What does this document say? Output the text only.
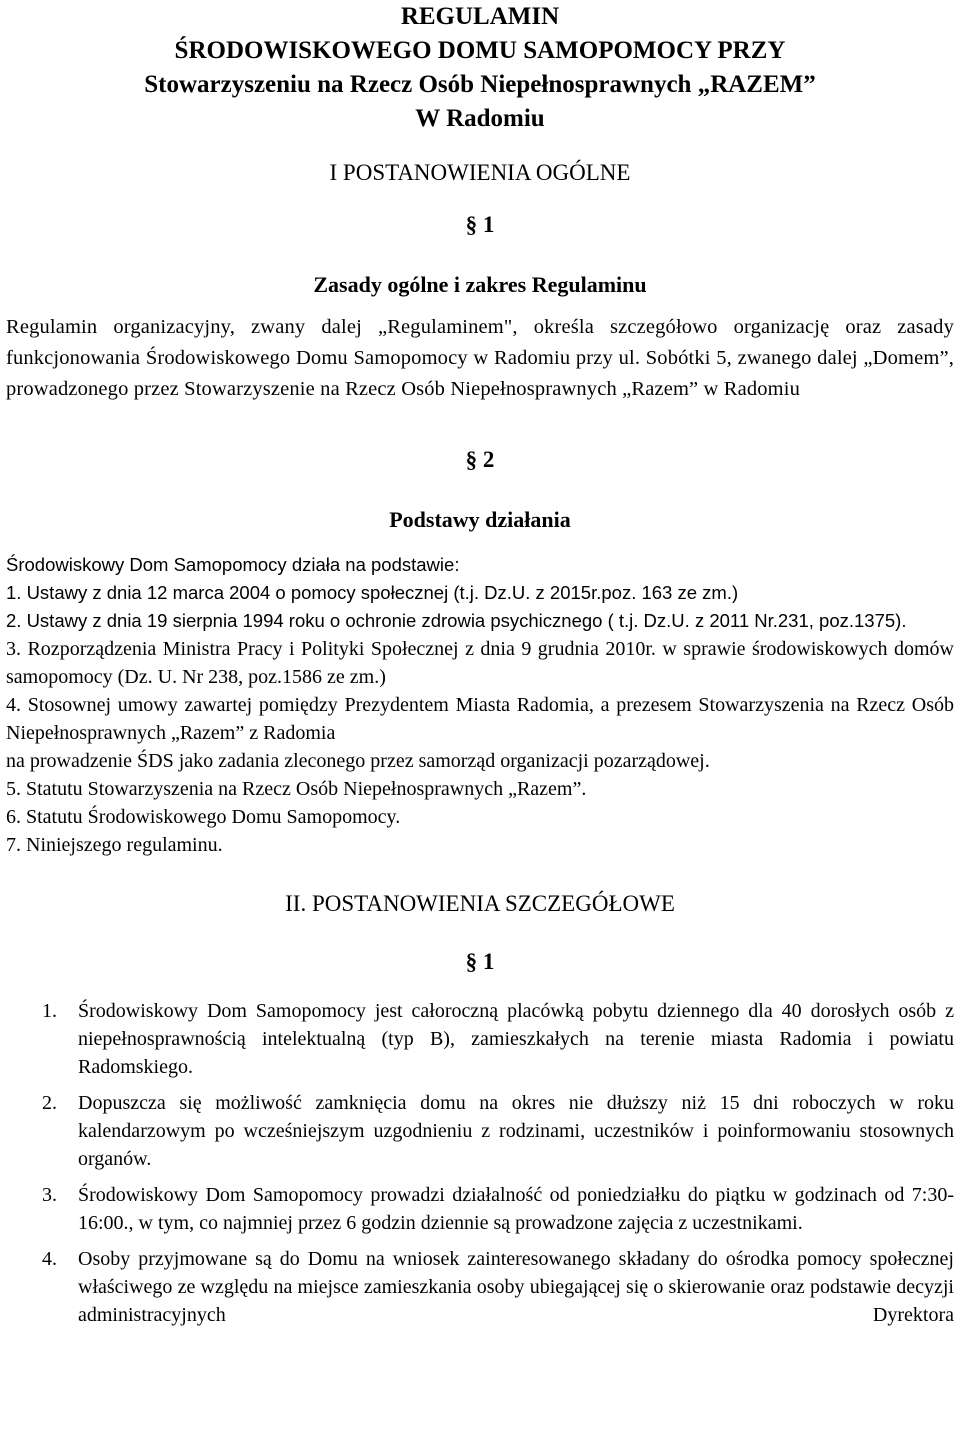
REGULAMIN
ŚRODOWISKOWEGO DOMU SAMOPOMOCY PRZY
Stowarzyszeniu na Rzecz Osób Niepełnosprawnych „RAZEM”
W Radomiu
I POSTANOWIENIA OGÓLNE
§ 1
Zasady ogólne i zakres Regulaminu

Regulamin organizacyjny, zwany dalej „Regulaminem", określa szczegółowo organizację oraz zasady funkcjonowania Środowiskowego Domu Samopomocy w Radomiu przy ul. Sobótki 5, zwanego dalej „Domem”, prowadzonego przez Stowarzyszenie na Rzecz Osób Niepełnosprawnych „Razem” w Radomiu

§ 2
Podstawy działania

Środowiskowy Dom Samopomocy działa na podstawie:

1. Ustawy z dnia 12 marca 2004 o pomocy społecznej (t.j. Dz.U. z 2015r.poz. 163 ze zm.)

2. Ustawy z dnia 19 sierpnia 1994 roku o ochronie zdrowia psychicznego ( t.j. Dz.U. z 2011 Nr.231, poz.1375).

3. Rozporządzenia Ministra Pracy i Polityki Społecznej z dnia 9 grudnia 2010r. w sprawie środowiskowych domów samopomocy (Dz. U. Nr 238, poz.1586 ze zm.)

4. Stosownej umowy zawartej pomiędzy Prezydentem Miasta Radomia, a prezesem Stowarzyszenia na Rzecz Osób Niepełnosprawnych „Razem” z Radomia

na prowadzenie ŚDS jako zadania zleconego przez samorząd organizacji pozarządowej.

5. Statutu Stowarzyszenia na Rzecz Osób Niepełnosprawnych „Razem”.

6. Statutu Środowiskowego Domu Samopomocy.

7. Niniejszego regulaminu.

II. POSTANOWIENIA SZCZEGÓŁOWE
§ 1
1. Środowiskowy Dom Samopomocy jest całoroczną placówką pobytu dziennego dla 40 dorosłych osób z niepełnosprawnością intelektualną (typ B), zamieszkałych na terenie miasta Radomia i powiatu Radomskiego.
2. Dopuszcza się możliwość zamknięcia domu na okres nie dłuższy niż 15 dni roboczych w roku kalendarzowym po wcześniejszym uzgodnieniu z rodzinami, uczestników i poinformowaniu stosownych organów.
3. Środowiskowy Dom Samopomocy prowadzi działalność od poniedziałku do piątku w godzinach od 7:30-16:00., w tym, co najmniej przez 6 godzin dziennie są prowadzone zajęcia z uczestnikami.
4. Osoby przyjmowane są do Domu na wniosek zainteresowanego składany do ośrodka pomocy społecznej właściwego ze względu na miejsce zamieszkania osoby ubiegającej się o skierowanie oraz podstawie decyzji administracyjnych Dyrektora
